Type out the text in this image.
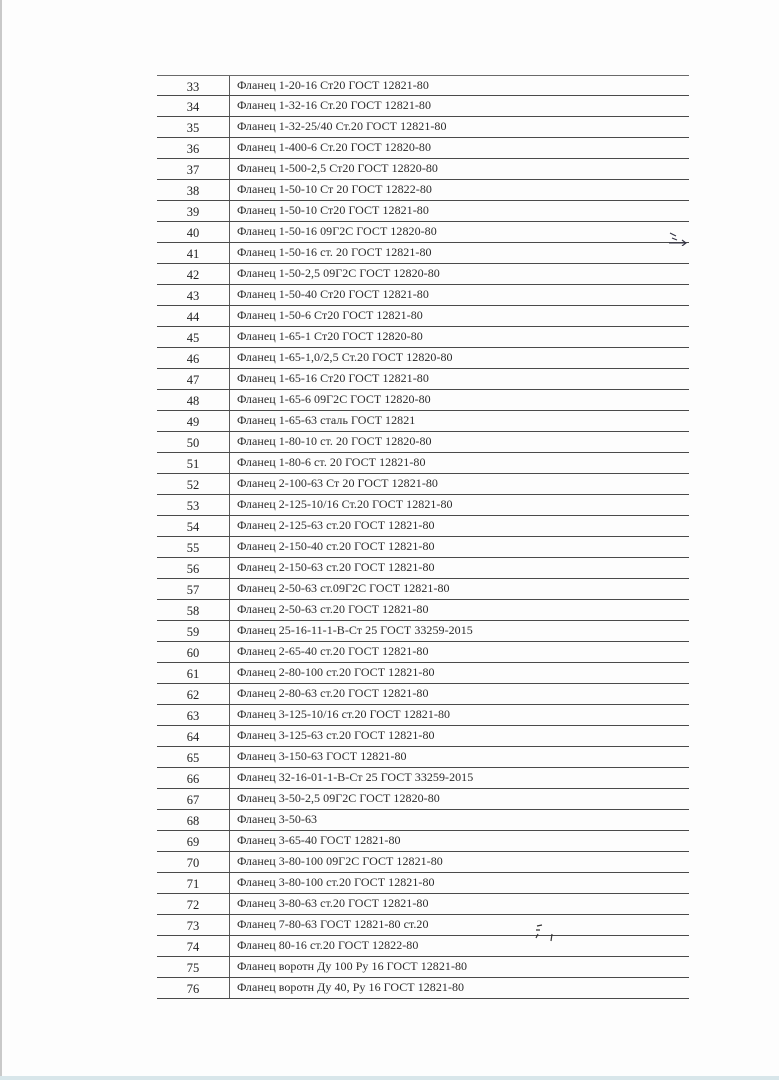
33	Фланец 1-20-16 Ст20 ГОСТ 12821-80
34	Фланец 1-32-16 Ст.20 ГОСТ 12821-80
35	Фланец 1-32-25/40 Ст.20 ГОСТ 12821-80
36	Фланец 1-400-6 Ст.20 ГОСТ 12820-80
37	Фланец 1-500-2,5 Ст20 ГОСТ 12820-80
38	Фланец 1-50-10 Ст 20 ГОСТ 12822-80
39	Фланец 1-50-10 Ст20 ГОСТ 12821-80
40	Фланец 1-50-16 09Г2С ГОСТ 12820-80
41	Фланец 1-50-16 ст. 20 ГОСТ 12821-80
42	Фланец 1-50-2,5 09Г2С ГОСТ 12820-80
43	Фланец 1-50-40 Ст20 ГОСТ 12821-80
44	Фланец 1-50-6 Ст20 ГОСТ 12821-80
45	Фланец 1-65-1 Ст20 ГОСТ 12820-80
46	Фланец 1-65-1,0/2,5 Ст.20 ГОСТ 12820-80
47	Фланец 1-65-16 Ст20 ГОСТ 12821-80
48	Фланец 1-65-6 09Г2С ГОСТ 12820-80
49	Фланец 1-65-63 сталь ГОСТ 12821
50	Фланец 1-80-10 ст. 20 ГОСТ 12820-80
51	Фланец 1-80-6 ст. 20 ГОСТ 12821-80
52	Фланец 2-100-63 Ст 20 ГОСТ 12821-80
53	Фланец 2-125-10/16 Ст.20 ГОСТ 12821-80
54	Фланец 2-125-63 ст.20 ГОСТ 12821-80
55	Фланец 2-150-40 ст.20 ГОСТ 12821-80
56	Фланец 2-150-63 ст.20 ГОСТ 12821-80
57	Фланец 2-50-63 ст.09Г2С ГОСТ 12821-80
58	Фланец 2-50-63 ст.20 ГОСТ 12821-80
59	Фланец 25-16-11-1-В-Ст 25 ГОСТ 33259-2015
60	Фланец 2-65-40 ст.20 ГОСТ 12821-80
61	Фланец 2-80-100 ст.20 ГОСТ 12821-80
62	Фланец 2-80-63 ст.20 ГОСТ 12821-80
63	Фланец 3-125-10/16 ст.20 ГОСТ 12821-80
64	Фланец 3-125-63 ст.20 ГОСТ 12821-80
65	Фланец 3-150-63 ГОСТ 12821-80
66	Фланец 32-16-01-1-В-Ст 25 ГОСТ 33259-2015
67	Фланец 3-50-2,5 09Г2С ГОСТ 12820-80
68	Фланец 3-50-63
69	Фланец 3-65-40 ГОСТ 12821-80
70	Фланец 3-80-100 09Г2С ГОСТ 12821-80
71	Фланец 3-80-100 ст.20 ГОСТ 12821-80
72	Фланец 3-80-63 ст.20 ГОСТ 12821-80
73	Фланец 7-80-63 ГОСТ 12821-80 ст.20
74	Фланец 80-16 ст.20 ГОСТ 12822-80
75	Фланец воротн Ду 100 Ру 16 ГОСТ 12821-80
76	Фланец воротн Ду 40, Ру 16 ГОСТ 12821-80
